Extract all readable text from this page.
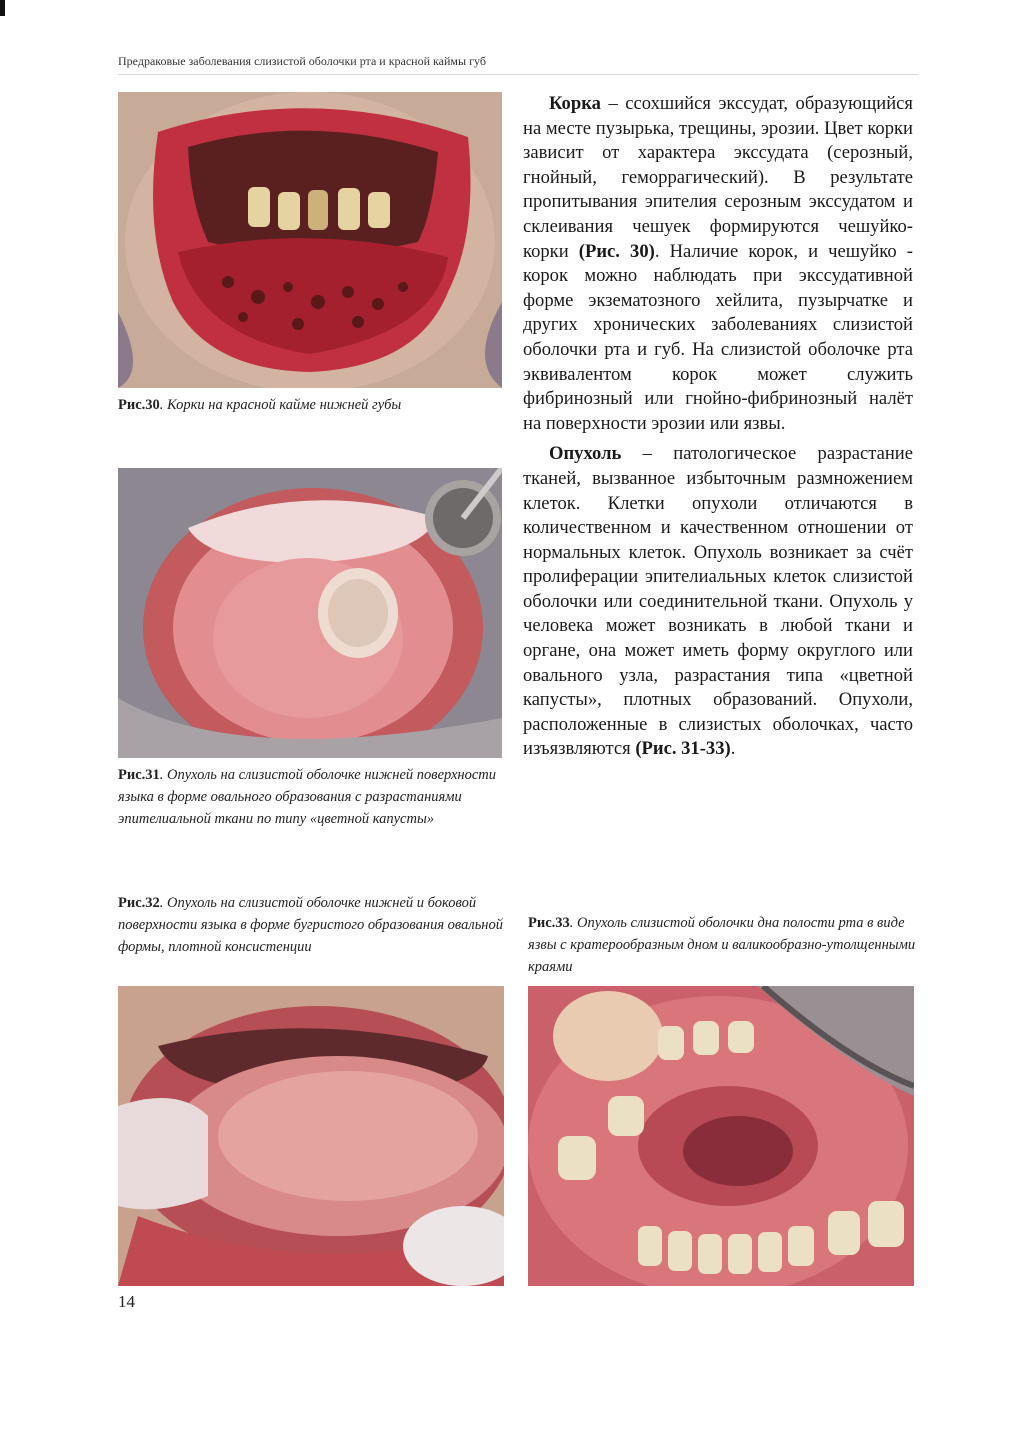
Предраковые заболевания слизистой оболочки рта и красной каймы губ
Рис.30. Корки на красной кайме нижней губы
Рис.31. Опухоль на слизистой оболочке нижней поверхности языка в форме овального образования с разрастаниями эпителиальной ткани по типу «цветной капусты»
Рис.32. Опухоль на слизистой оболочке нижней и боковой поверхности языка в форме бугристого образования овальной формы, плотной консистенции
Рис.33. Опухоль слизистой оболочки дна полости рта в виде язвы с кратерообразным дном и валикообразно-утолщенными краями

Корка – ссохшийся экссудат, образующийся на месте пузырька, трещины, эрозии. Цвет корки зависит от характера экссудата (серозный, гнойный, геморрагический). В результате пропитывания эпителия серозным экссудатом и склеивания чешуек формируются чешуйко-корки (Рис. 30). Наличие корок, и чешуйко - корок можно наблюдать при экссудативной форме экзематозного хейлита, пузырчатке и других хронических заболеваниях слизистой оболочки рта и губ. На слизистой оболочке рта эквивалентом корок может служить фибринозный или гнойно-фибринозный налёт на поверхности эрозии или язвы.

Опухоль – патологическое разрастание тканей, вызванное избыточным размножением клеток. Клетки опухоли отличаются в количественном и качественном отношении от нормальных клеток. Опухоль возникает за счёт пролиферации эпителиальных клеток слизистой оболочки или соединительной ткани. Опухоль у человека может возникать в любой ткани и органе, она может иметь форму округлого или овального узла, разрастания типа «цветной капусты», плотных образований. Опухоли, расположенные в слизистых оболочках, часто изъязвляются (Рис. 31-33).

14
